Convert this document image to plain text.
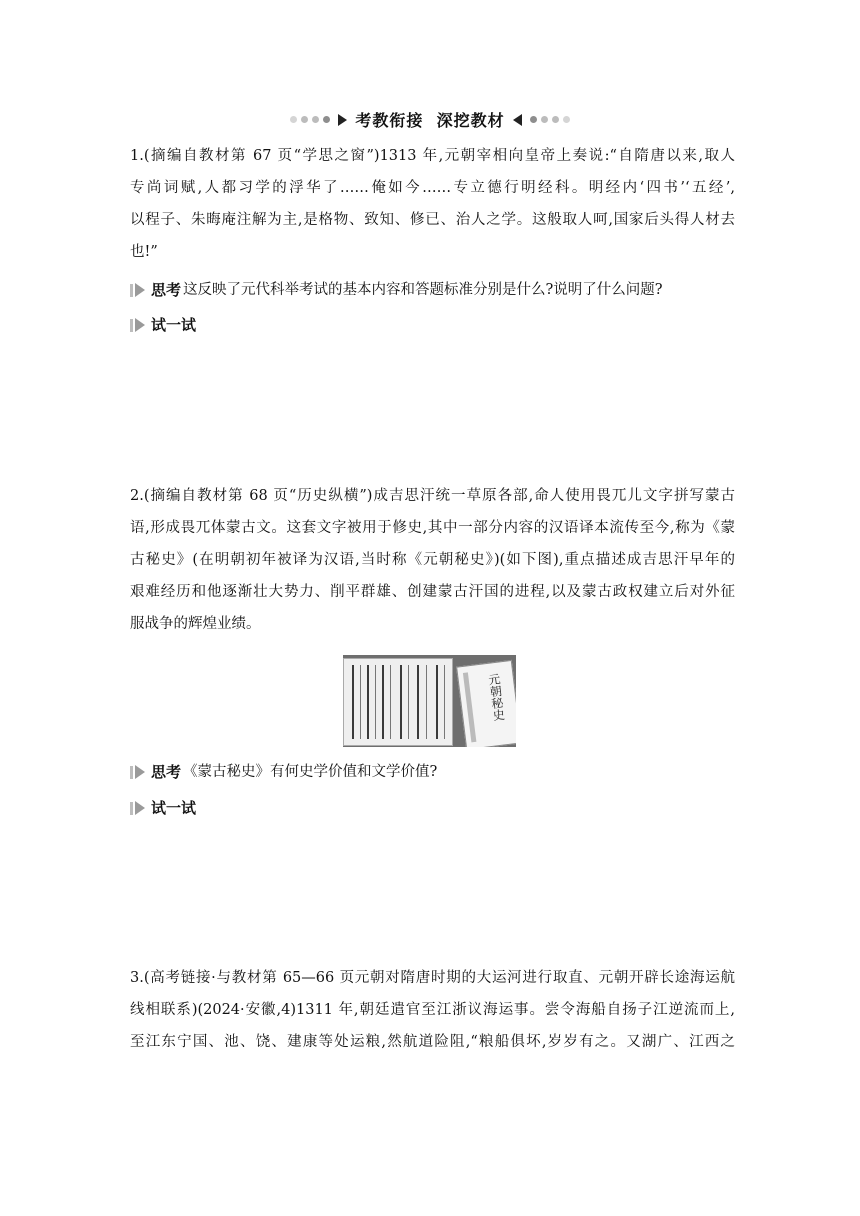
考教衔接  深挖教材
1.(摘编自教材第 67 页“学思之窗”)1313 年,元朝宰相向皇帝上奏说:“自隋唐以来,取人
专尚词赋,人都习学的浮华了……俺如今……专立德行明经科。明经内‘四书’‘五经’,
以程子、朱晦庵注解为主,是格物、致知、修已、治人之学。这般取人呵,国家后头得人材去
也!”
思考 这反映了元代科举考试的基本内容和答题标准分别是什么?说明了什么问题?
试一试
2.(摘编自教材第 68 页“历史纵横”)成吉思汗统一草原各部,命人使用畏兀儿文字拼写蒙古
语,形成畏兀体蒙古文。这套文字被用于修史,其中一部分内容的汉语译本流传至今,称为《蒙
古秘史》(在明朝初年被译为汉语,当时称《元朝秘史》)(如下图),重点描述成吉思汗早年的
艰难经历和他逐渐壮大势力、削平群雄、创建蒙古汗国的进程,以及蒙古政权建立后对外征
服战争的辉煌业绩。
元朝秘史
思考 《蒙古秘史》有何史学价值和文学价值?
试一试
3.(高考链接·与教材第 65—66 页元朝对隋唐时期的大运河进行取直、元朝开辟长途海运航
线相联系)(2024·安徽,4)1311 年,朝廷遣官至江浙议海运事。尝令海船自扬子江逆流而上,
至江东宁国、池、饶、建康等处运粮,然航道险阻,“粮船俱坏,岁岁有之。又湖广、江西之
